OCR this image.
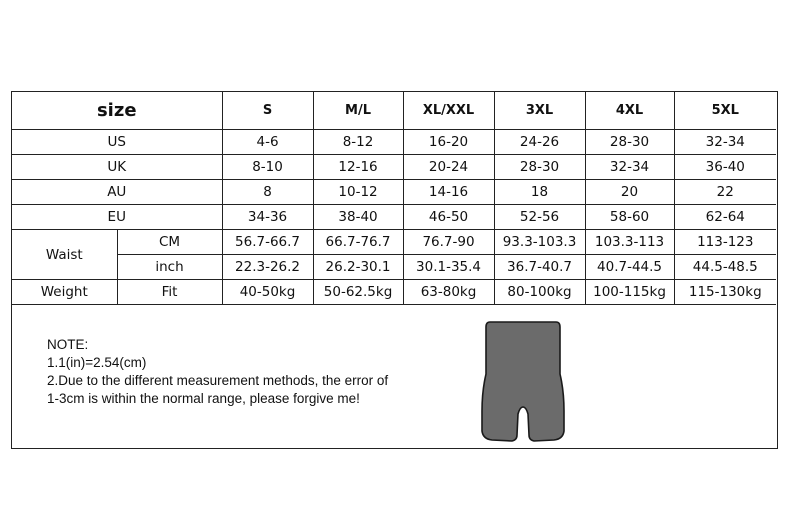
size		S	M/L	XL/XXL	3XL	4XL	5XL
US		4-6	8-12	16-20	24-26	28-30	32-34
UK		8-10	12-16	20-24	28-30	32-34	36-40
AU		8	10-12	14-16	18	20	22
EU		34-36	38-40	46-50	52-56	58-60	62-64
Waist	CM	56.7-66.7	66.7-76.7	76.7-90	93.3-103.3	103.3-113	113-123
	inch	22.3-26.2	26.2-30.1	30.1-35.4	36.7-40.7	40.7-44.5	44.5-48.5
Weight	Fit	40-50kg	50-62.5kg	63-80kg	80-100kg	100-115kg	115-130kg
NOTE:
1.1(in)=2.54(cm)
2.Due to the different measurement methods, the error of
1-3cm is within the normal range, please forgive me!
